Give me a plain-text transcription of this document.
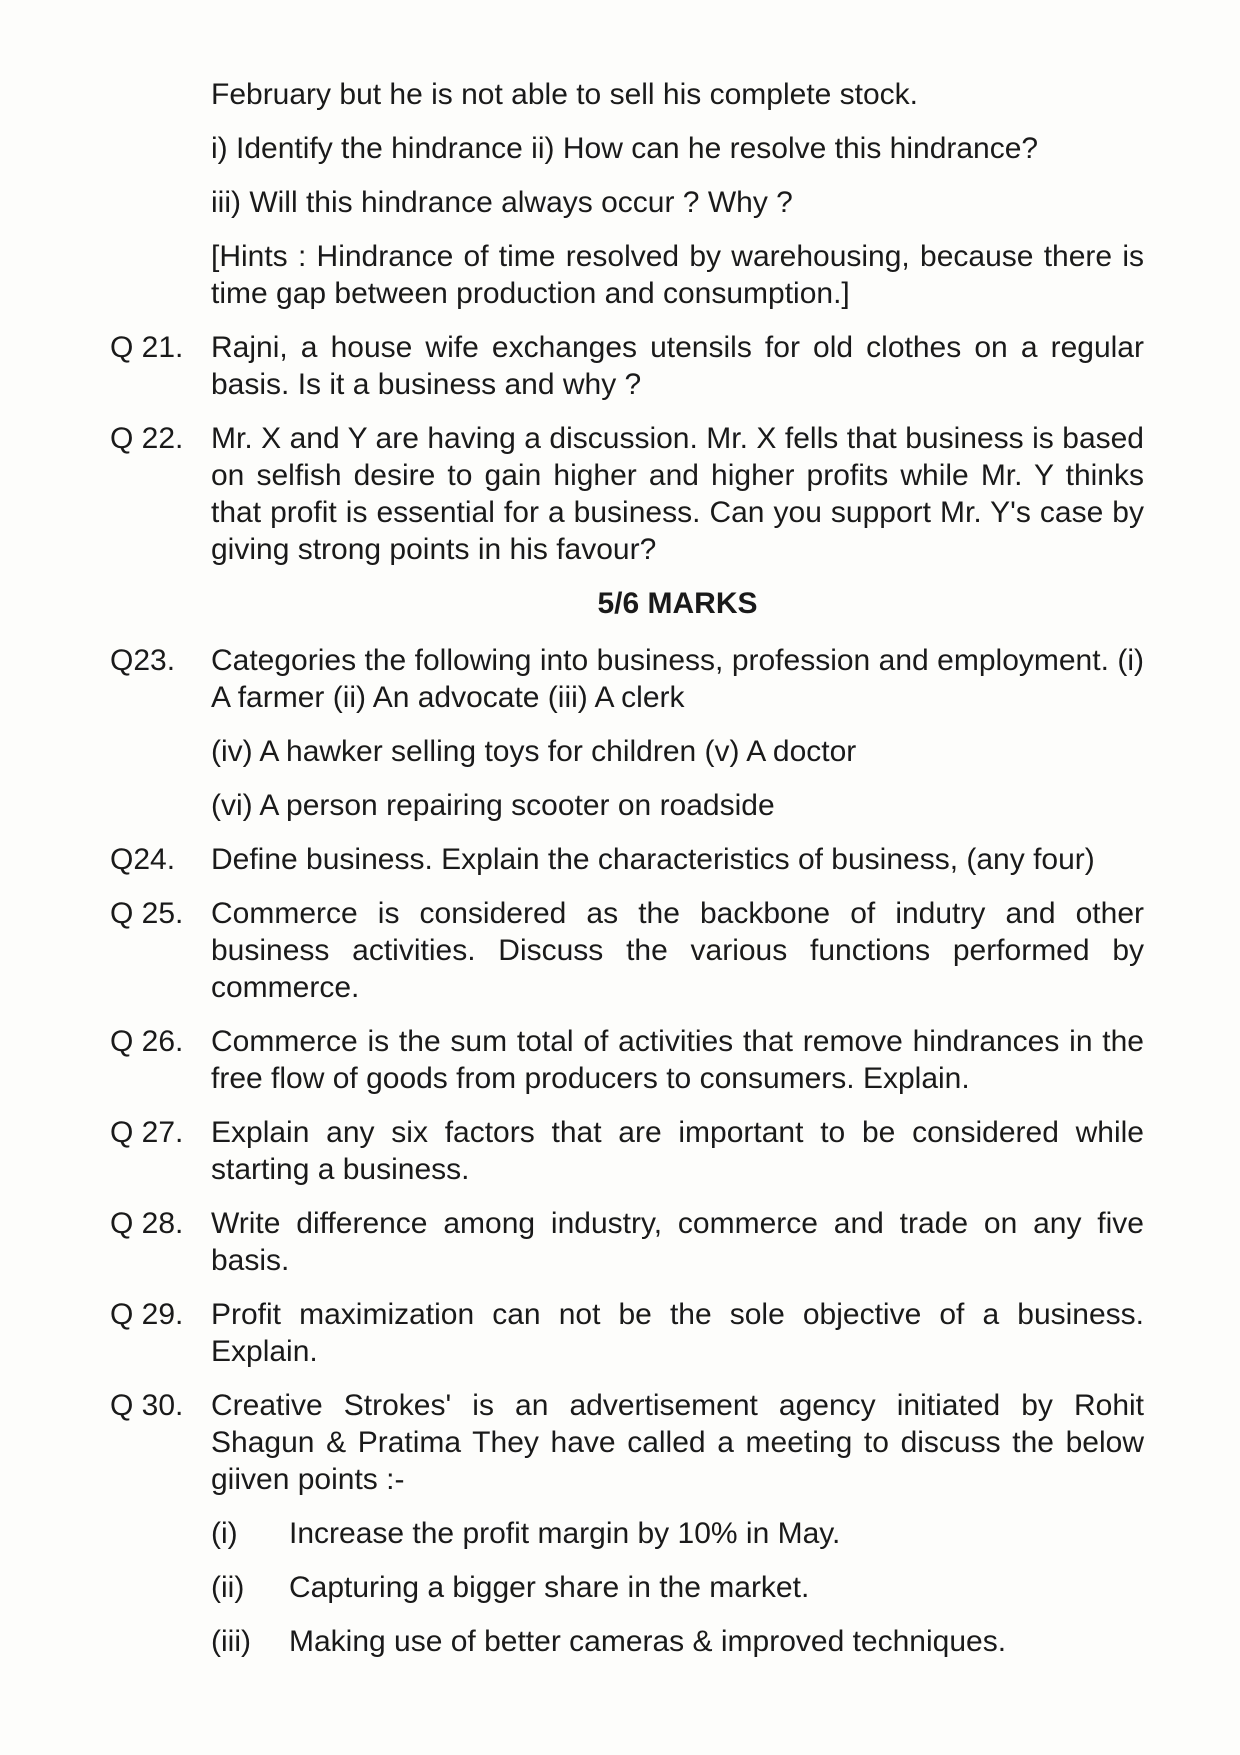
February but he is not able to sell his complete stock.
i) Identify the hindrance ii) How can he resolve this hindrance?
iii) Will this hindrance always occur ? Why ?
[Hints : Hindrance of time resolved by warehousing, because there is time gap between production and consumption.]
Q 21. Rajni, a house wife exchanges utensils for old clothes on a regular basis. Is it a business and why ?
Q 22. Mr. X and Y are having a discussion. Mr. X fells that business is based on selfish desire to gain higher and higher profits while Mr. Y thinks that profit is essential for a business. Can you support Mr. Y's case by giving strong points in his favour?
5/6 MARKS
Q23.	Categories the following into business, profession and employment. (i) A farmer (ii) An advocate (iii) A clerk
(iv) A hawker selling toys for children (v) A doctor
(vi) A person repairing scooter on roadside
Q24.	Define business. Explain the characteristics of business, (any four)
Q 25. Commerce is considered as the backbone of indutry and other business activities. Discuss the various functions performed by commerce.
Q 26. Commerce is the sum total of activities that remove hindrances in the free flow of goods from producers to consumers. Explain.
Q 27. Explain any six factors that are important to be considered while starting a business.
Q 28. Write difference among industry, commerce and trade on any five basis.
Q 29. Profit maximization can not be the sole objective of a business. Explain.
Q 30. Creative Strokes' is an advertisement agency initiated by Rohit Shagun & Pratima They have called a meeting to discuss the below giiven points :-
(i)	Increase the profit margin by 10% in May.
(ii)	Capturing a bigger share in the market.
(iii)	Making use of better cameras & improved techniques.
